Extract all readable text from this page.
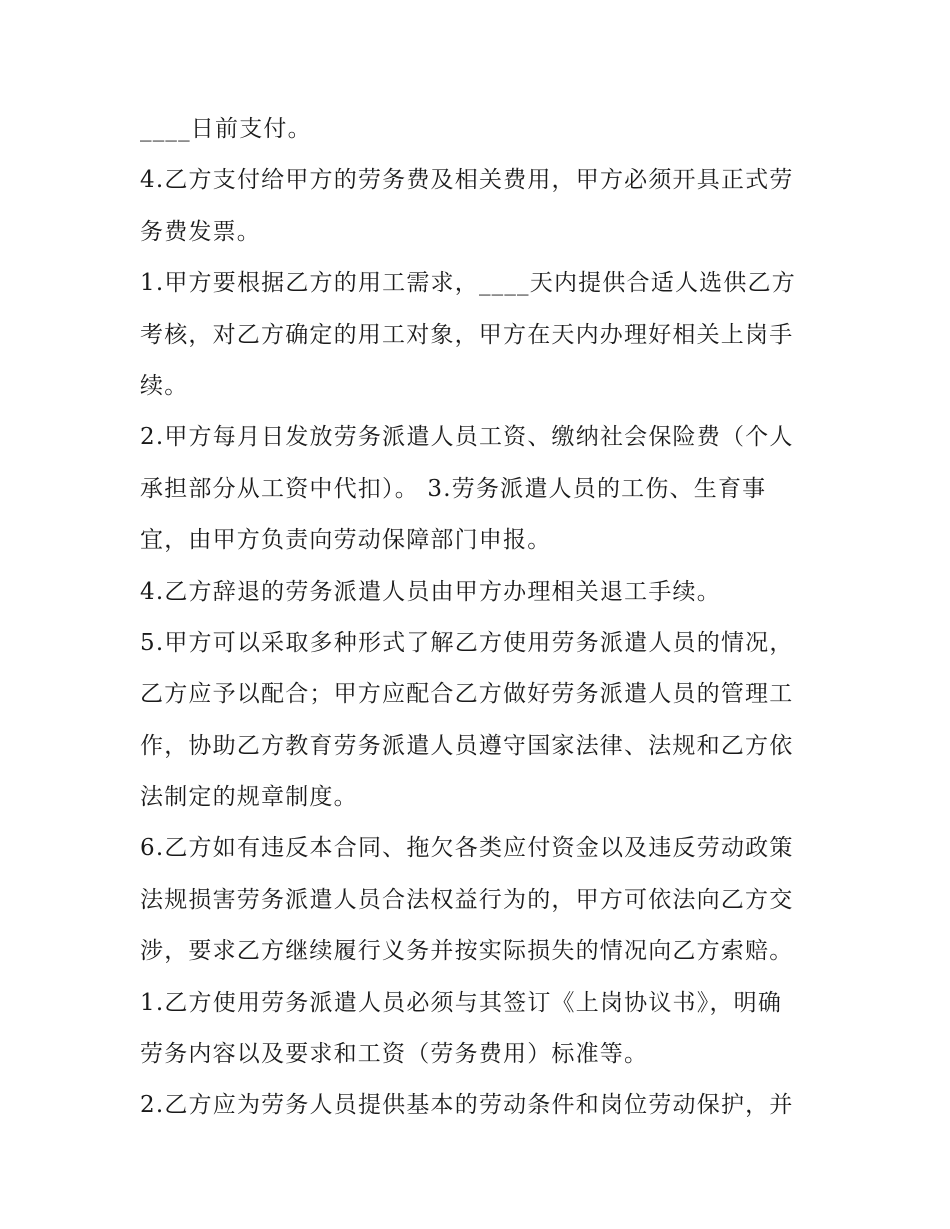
____日前支付。
4.乙方支付给甲方的劳务费及相关费用，甲方必须开具正式劳
务费发票。
1.甲方要根据乙方的用工需求，____天内提供合适人选供乙方
考核，对乙方确定的用工对象，甲方在天内办理好相关上岗手
续。
2.甲方每月日发放劳务派遣人员工资、缴纳社会保险费（个人
承担部分从工资中代扣）。 3.劳务派遣人员的工伤、生育事
宜，由甲方负责向劳动保障部门申报。
4.乙方辞退的劳务派遣人员由甲方办理相关退工手续。
5.甲方可以采取多种形式了解乙方使用劳务派遣人员的情况，
乙方应予以配合；甲方应配合乙方做好劳务派遣人员的管理工
作，协助乙方教育劳务派遣人员遵守国家法律、法规和乙方依
法制定的规章制度。
6.乙方如有违反本合同、拖欠各类应付资金以及违反劳动政策
法规损害劳务派遣人员合法权益行为的，甲方可依法向乙方交
涉，要求乙方继续履行义务并按实际损失的情况向乙方索赔。
1.乙方使用劳务派遣人员必须与其签订《上岗协议书》，明确
劳务内容以及要求和工资（劳务费用）标准等。
2.乙方应为劳务人员提供基本的劳动条件和岗位劳动保护，并
